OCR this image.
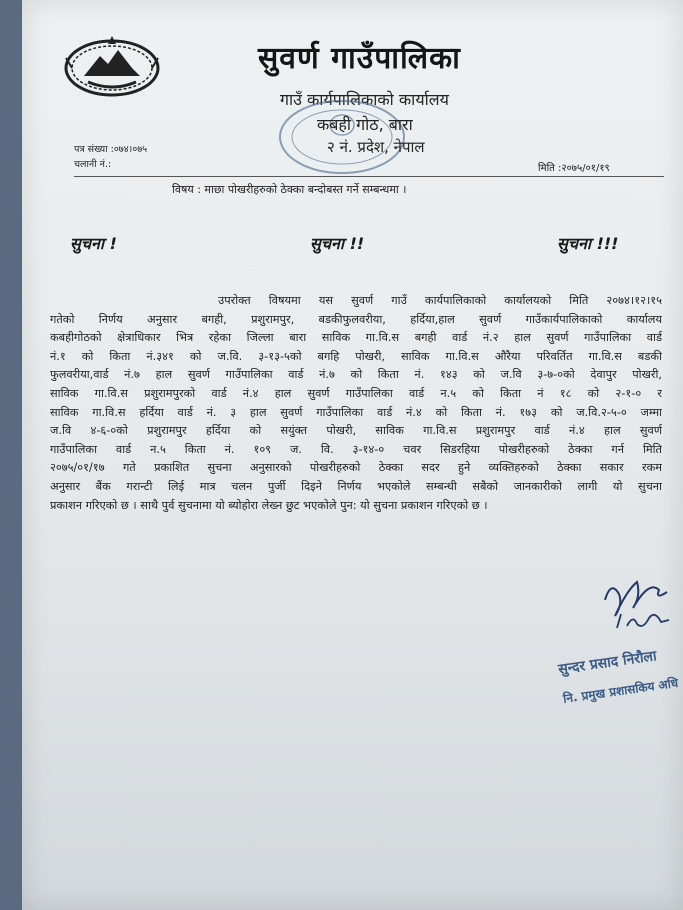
सुवर्ण गाउँपालिका
गाउँ कार्यपालिकाको कार्यालय
कबही गोठ, बारा
२ नं. प्रदेश, नेपाल
पत्र संख्या :०७४।०७५
चलानी नं.:	मिति :२०७५/०१/१९
विषय : माछा पोखरीहरुको ठेक्का बन्दोबस्त गर्ने सम्बन्धमा ।
सुचना !	सुचना !!	सुचना !!!
उपरोक्त विषयमा यस सुवर्ण गाउँ कार्यपालिकाको कार्यालयको मिति २०७४।१२।१५
गतेको निर्णय अनुसार बगही, प्रशुरामपुर, बडकीफुलवरीया, हर्दिया,हाल सुवर्ण गाउँकार्यपालिकाको कार्यालय
कबहीगोठको क्षेत्राधिकार भित्र रहेका जिल्ला बारा साविक गा.वि.स बगही वार्ड नं.२ हाल सुवर्ण गाउँपालिका वार्ड
नं.१ को किता नं.३४१ को ज.वि. ३-१३-५को बगहि पोखरी, साविक गा.वि.स औरैया परिवर्तित गा.वि.स बडकी
फुलवरीया,वार्ड नं.७ हाल सुवर्ण गाउँपालिका वार्ड नं.७ को किता नं. १४३ को ज.वि ३-७-०को देवापुर पोखरी,
साविक गा.वि.स प्रशुरामपुरको वार्ड नं.४ हाल सुवर्ण गाउँपालिका वार्ड न.५ को किता नं १८ को २-१-० र
साविक गा.वि.स हर्दिया वार्ड नं. ३ हाल सुवर्ण गाउँपालिका वार्ड नं.४ को किता नं. १७३ को ज.वि.२-५-० जम्मा
ज.वि ४-६-०को प्रशुरामपुर हर्दिया को सयुंक्त पोखरी, साविक गा.वि.स प्रशुरामपुर वार्ड नं.४ हाल सुवर्ण
गाउँपालिका वार्ड न.५ किता नं. १०९ ज. वि. ३-१४-० चवर सिडरहिया पोखरीहरुको ठेक्का गर्न मिति
२०७५/०१/१७ गते प्रकाशित सुचना अनुसारको पोखरीहरुको ठेक्का सदर हुने व्यक्तिहरुको ठेक्का सकार रकम
अनुसार बैंक गरान्टी लिई मात्र चलन पुर्जी दिइने निर्णय भएकोले सम्बन्धी सबैको जानकारीको लागी यो सुचना
प्रकाशन गरिएको छ । साथै पुर्व सुचनामा यो ब्योहोरा लेख्न छुट भएकोले पुन: यो सुचना प्रकाशन गरिएको छ ।
सुन्दर प्रसाद निरौला
नि. प्रमुख प्रशासकिय अधि
